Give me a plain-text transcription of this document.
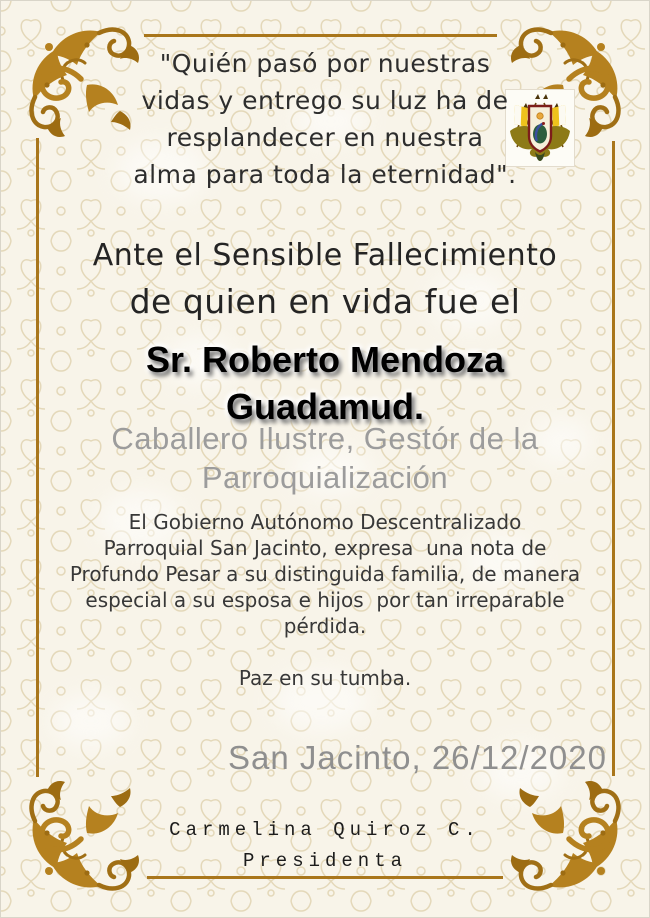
"Quién pasó por nuestras
vidas y entrego su luz ha de
resplandecer en nuestra
alma para toda la eternidad".
Ante el Sensible Fallecimiento
de quien en vida fue el
Sr. Roberto Mendoza
Guadamud.
Caballero Ilustre, Gestór de la
Parroquialización
El Gobierno Autónomo Descentralizado
Parroquial San Jacinto, expresa  una nota de
Profundo Pesar a su distinguida familia, de manera
especial a su esposa e hijos  por tan irreparable
pérdida.
Paz en su tumba.
San Jacinto, 26/12/2020
Carmelina Quiroz C.
Presidenta
